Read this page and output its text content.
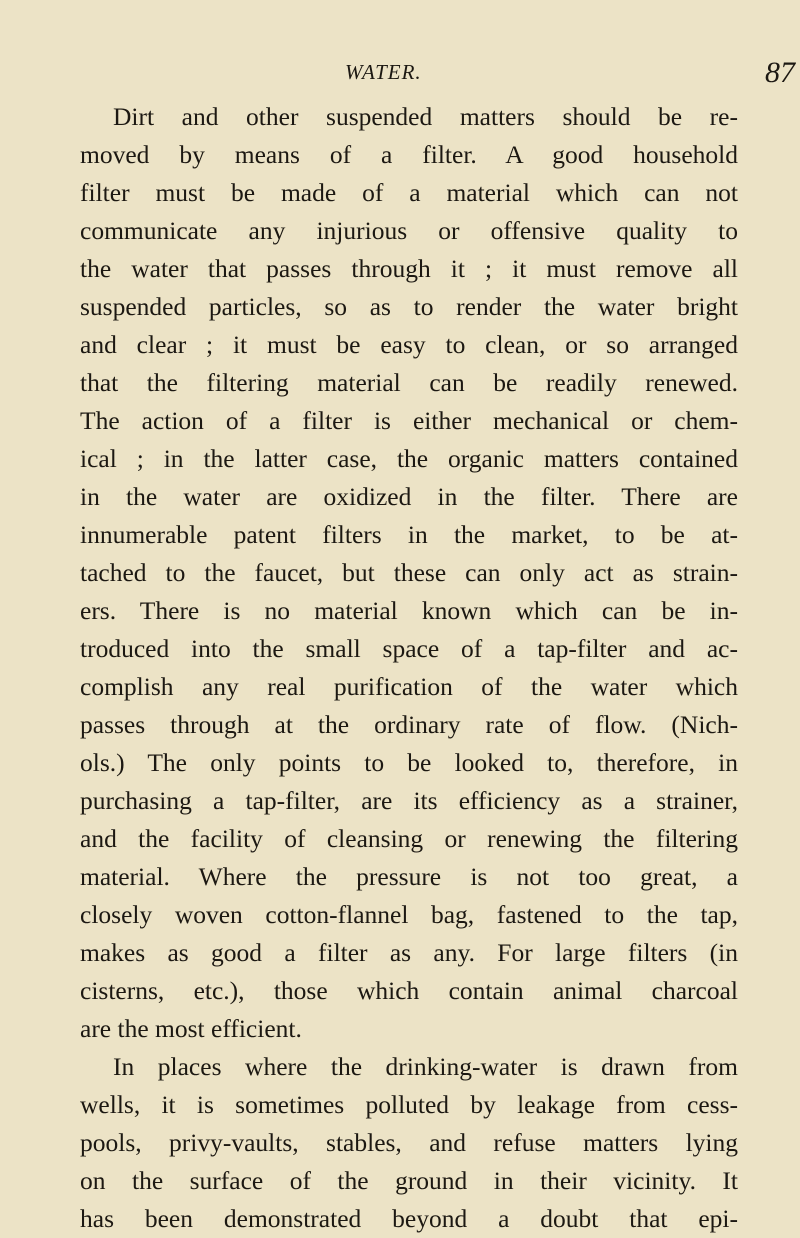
WATER.	87
Dirt and other suspended matters should be re-
moved by means of a filter. A good household
filter must be made of a material which can not
communicate any injurious or offensive quality to
the water that passes through it ; it must remove all
suspended particles, so as to render the water bright
and clear ; it must be easy to clean, or so arranged
that the filtering material can be readily renewed.
The action of a filter is either mechanical or chem-
ical ; in the latter case, the organic matters contained
in the water are oxidized in the filter. There are
innumerable patent filters in the market, to be at-
tached to the faucet, but these can only act as strain-
ers. There is no material known which can be in-
troduced into the small space of a tap-filter and ac-
complish any real purification of the water which
passes through at the ordinary rate of flow. (Nich-
ols.) The only points to be looked to, therefore, in
purchasing a tap-filter, are its efficiency as a strainer,
and the facility of cleansing or renewing the filtering
material. Where the pressure is not too great, a
closely woven cotton-flannel bag, fastened to the tap,
makes as good a filter as any. For large filters (in
cisterns, etc.), those which contain animal charcoal
are the most efficient.
In places where the drinking-water is drawn from
wells, it is sometimes polluted by leakage from cess-
pools, privy-vaults, stables, and refuse matters lying
on the surface of the ground in their vicinity. It
has been demonstrated beyond a doubt that epi-
